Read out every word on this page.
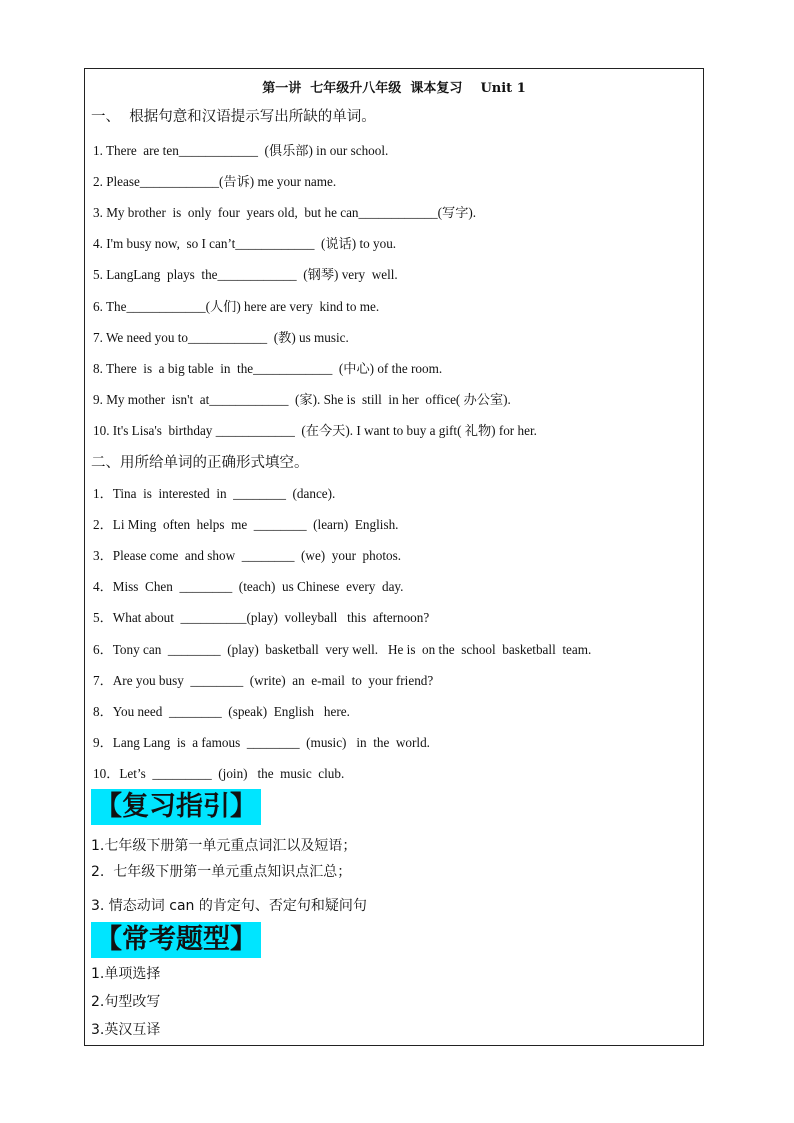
第一讲  七年级升八年级  课本复习    Unit 1
一、  根据句意和汉语提示写出所缺的单词。
1. There  are ten____________  (俱乐部) in our school.
2. Please____________(告诉) me your name.
3. My brother  is  only  four  years old,  but he can____________(写字).
4. I'm busy now,  so I can’t____________  (说话) to you.
5. LangLang  plays  the____________  (钢琴) very  well.
6. The____________(人们) here are very  kind to me.
7. We need you to____________  (教) us music.
8. There  is  a big table  in  the____________  (中心) of the room.
9. My mother  isn't  at____________  (家). She is  still  in her  office( 办公室).
10. It's Lisa's  birthday ____________  (在今天). I want to buy a gift( 礼物) for her.
二、用所给单词的正确形式填空。
1．Tina  is  interested  in  ________  (dance).
2．Li Ming  often  helps  me  ________  (learn)  English.
3．Please come  and show  ________  (we)  your  photos.
4．Miss  Chen  ________  (teach)  us Chinese  every  day.
5．What about  __________(play)  volleyball   this  afternoon?
6．Tony can  ________  (play)  basketball  very well.   He is  on the  school  basketball  team.
7．Are you busy  ________  (write)  an  e-mail  to  your friend?
8．You need  ________  (speak)  English   here.
9．Lang Lang  is  a famous  ________  (music)   in  the  world.
10．Let’s  _________  (join)   the  music  club.
【复习指引】
1.七年级下册第一单元重点词汇以及短语；
2.  七年级下册第一单元重点知识点汇总；
3. 情态动词 can 的肯定句、否定句和疑问句
【常考题型】
1.单项选择
2.句型改写
3.英汉互译
